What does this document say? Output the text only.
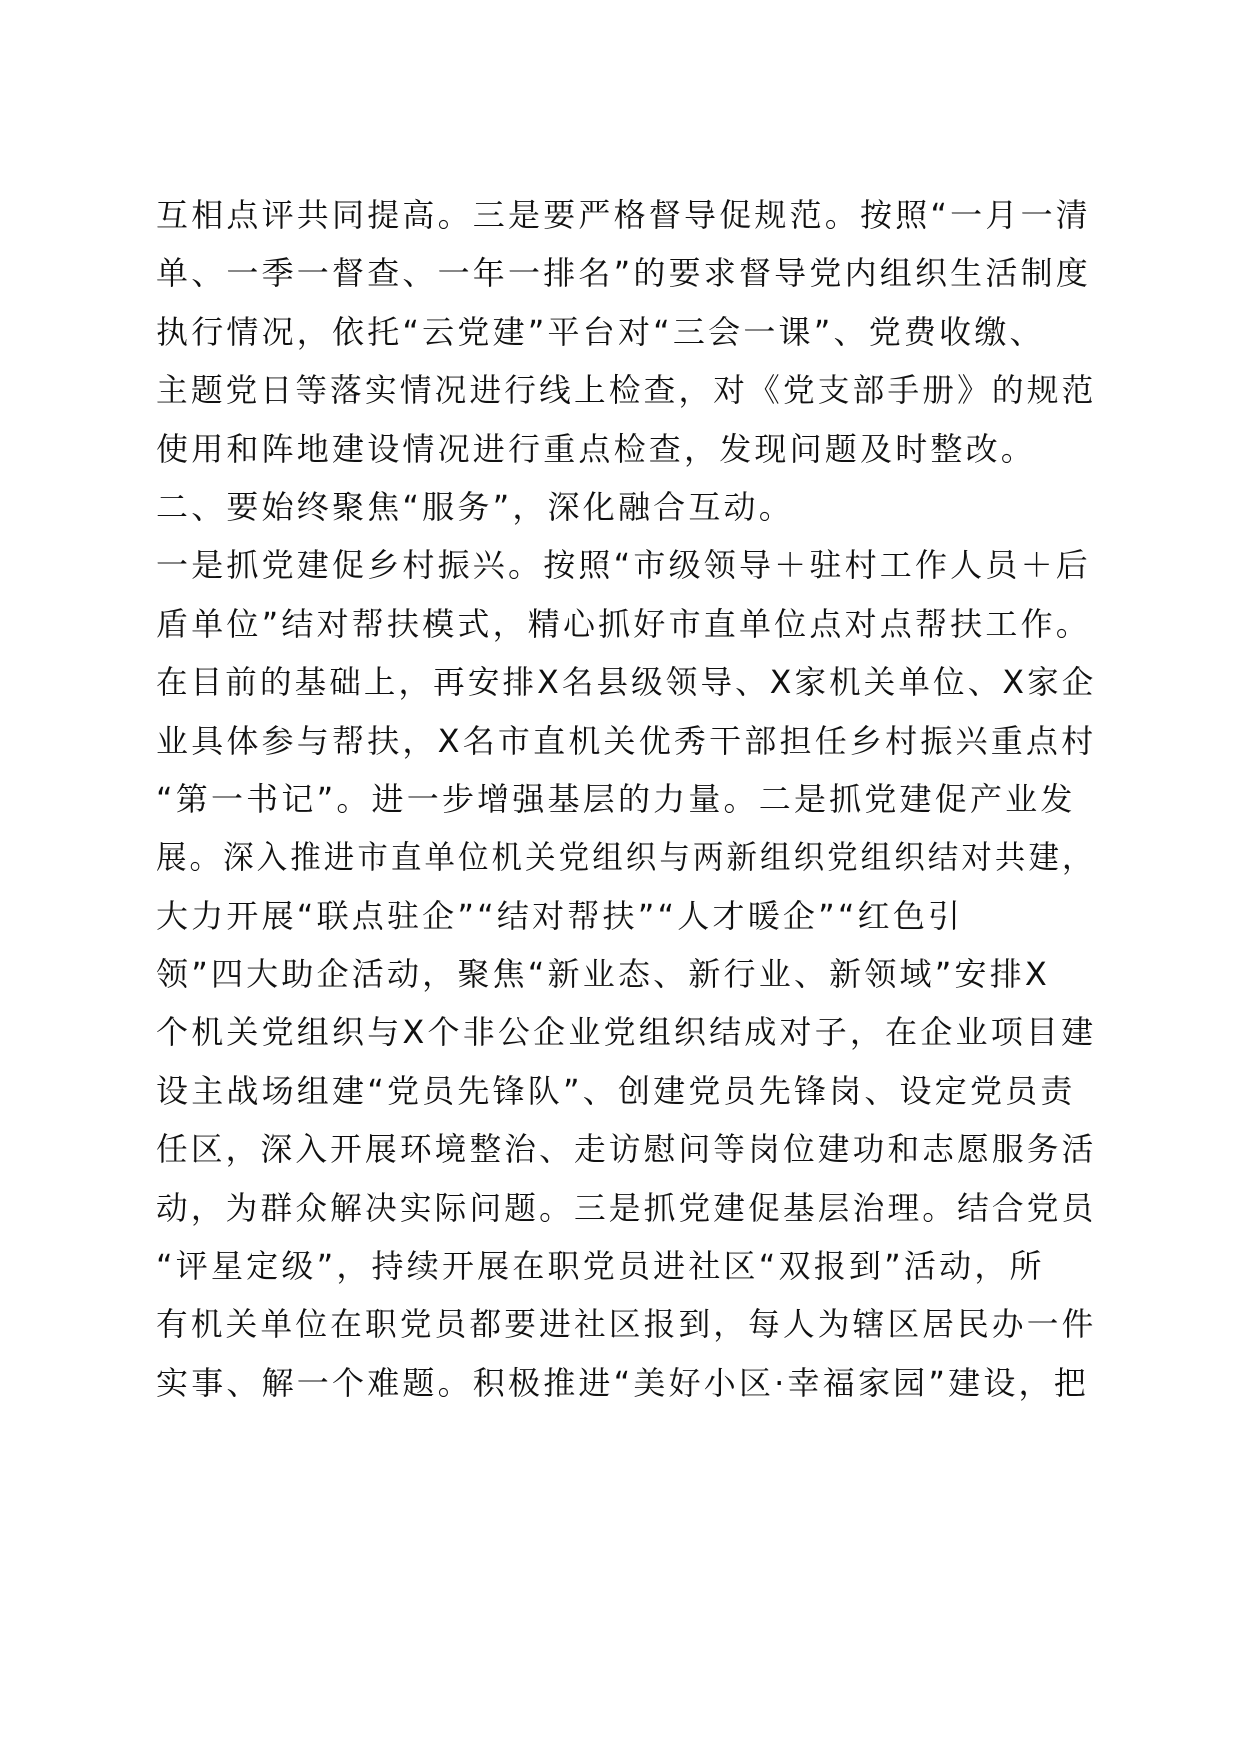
互相点评共同提高。三是要严格督导促规范。按照“一月一清
单、一季一督查、一年一排名”的要求督导党内组织生活制度
执行情况，依托“云党建”平台对“三会一课”、党费收缴、
主题党日等落实情况进行线上检查，对《党支部手册》的规范
使用和阵地建设情况进行重点检查，发现问题及时整改。
二、要始终聚焦“服务”，深化融合互动。
一是抓党建促乡村振兴。按照“市级领导＋驻村工作人员＋后
盾单位”结对帮扶模式，精心抓好市直单位点对点帮扶工作。
在目前的基础上，再安排X名县级领导、X家机关单位、X家企
业具体参与帮扶，X名市直机关优秀干部担任乡村振兴重点村
“第一书记”。进一步增强基层的力量。二是抓党建促产业发
展。深入推进市直单位机关党组织与两新组织党组织结对共建，
大力开展“联点驻企”“结对帮扶”“人才暖企”“红色引
领”四大助企活动，聚焦“新业态、新行业、新领域”安排X
个机关党组织与X个非公企业党组织结成对子，在企业项目建
设主战场组建“党员先锋队”、创建党员先锋岗、设定党员责
任区，深入开展环境整治、走访慰问等岗位建功和志愿服务活
动，为群众解决实际问题。三是抓党建促基层治理。结合党员
“评星定级”，持续开展在职党员进社区“双报到”活动，所
有机关单位在职党员都要进社区报到，每人为辖区居民办一件
实事、解一个难题。积极推进“美好小区·幸福家园”建设，把
